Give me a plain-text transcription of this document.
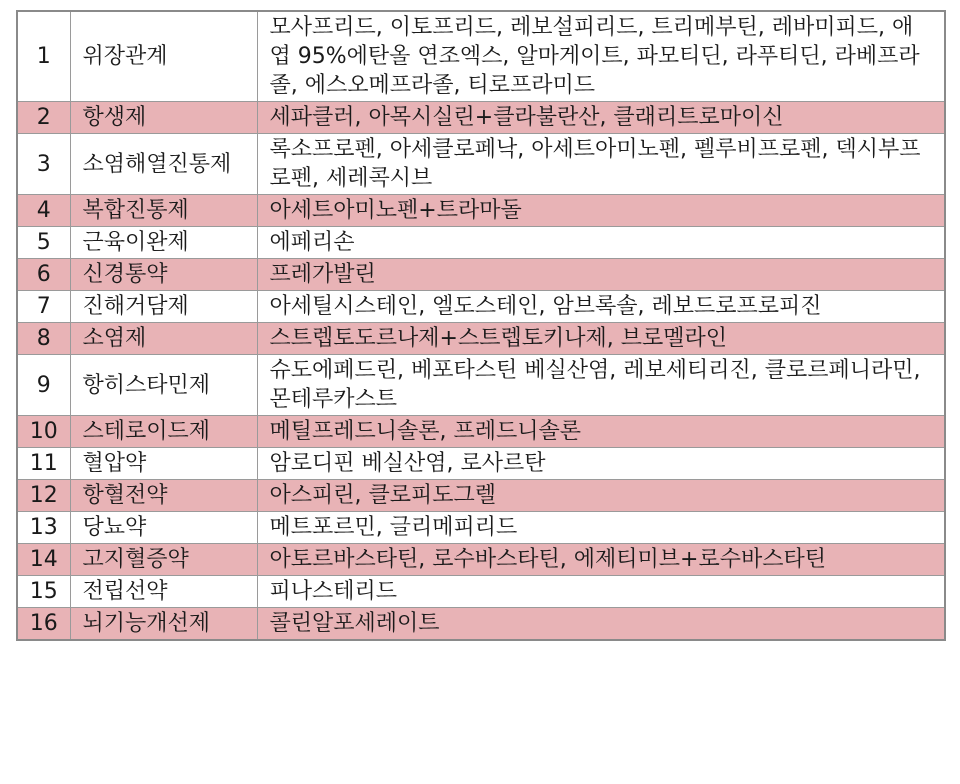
1	위장관계	모사프리드, 이토프리드, 레보설피리드, 트리메부틴, 레바미피드, 애엽 95%에탄올 연조엑스, 알마게이트, 파모티딘, 라푸티딘, 라베프라졸, 에스오메프라졸, 티로프라미드
2	항생제	세파클러, 아목시실린+클라불란산, 클래리트로마이신
3	소염해열진통제	록소프로펜, 아세클로페낙, 아세트아미노펜, 펠루비프로펜, 덱시부프로펜, 세레콕시브
4	복합진통제	아세트아미노펜+트라마돌
5	근육이완제	에페리손
6	신경통약	프레가발린
7	진해거담제	아세틸시스테인, 엘도스테인, 암브록솔, 레보드로프로피진
8	소염제	스트렙토도르나제+스트렙토키나제, 브로멜라인
9	항히스타민제	슈도에페드린, 베포타스틴 베실산염, 레보세티리진, 클로르페니라민, 몬테루카스트
10	스테로이드제	메틸프레드니솔론, 프레드니솔론
11	혈압약	암로디핀 베실산염, 로사르탄
12	항혈전약	아스피린, 클로피도그렐
13	당뇨약	메트포르민, 글리메피리드
14	고지혈증약	아토르바스타틴, 로수바스타틴, 에제티미브+로수바스타틴
15	전립선약	피나스테리드
16	뇌기능개선제	콜린알포세레이트
